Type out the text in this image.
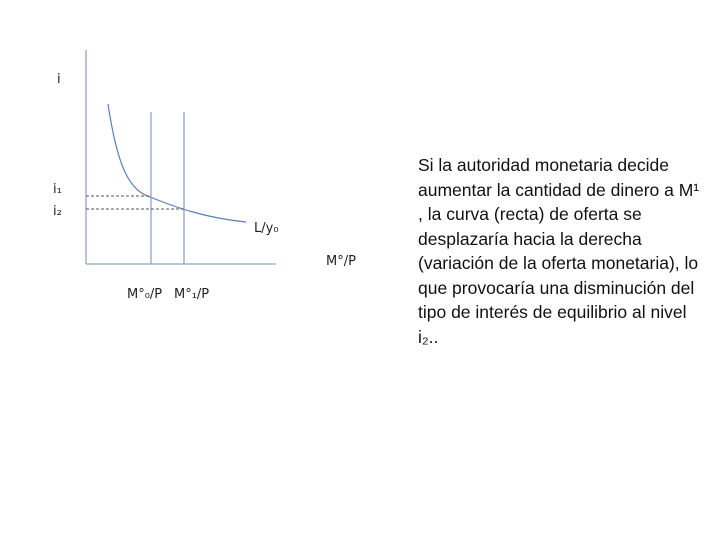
i
i₁
i₂
L/y₀
M°/P
M°₀/P M°₁/P
Si la autoridad monetaria decide aumentar la cantidad de dinero a M¹ , la curva (recta) de oferta se desplazaría hacia la derecha (variación de la oferta monetaria), lo que provocaría una disminución del tipo de interés de equilibrio al nivel i₂..
